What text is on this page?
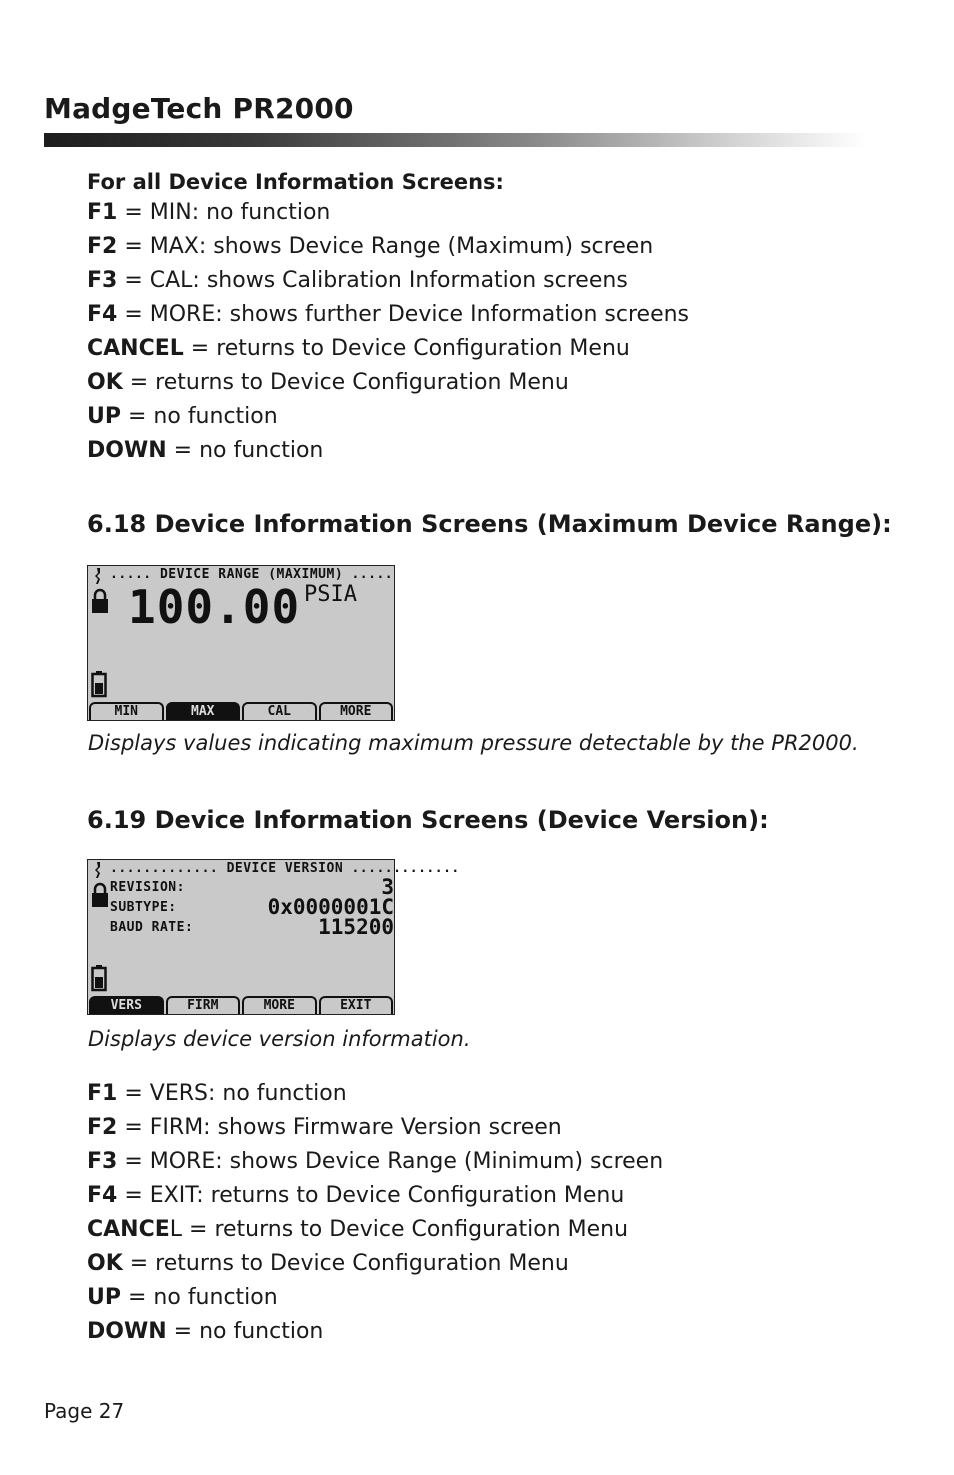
MadgeTech PR2000
For all Device Information Screens:
F1 = MIN: no function
F2 = MAX: shows Device Range (Maximum) screen
F3 = CAL: shows Calibration Information screens
F4 = MORE: shows further Device Information screens
CANCEL = returns to Device Configuration Menu
OK = returns to Device Configuration Menu
UP = no function
DOWN = no function
6.18 Device Information Screens (Maximum Device Range):
..... DEVICE RANGE (MAXIMUM) .....
100.00 PSIA
MIN	MAX	CAL	MORE
Displays values indicating maximum pressure detectable by the PR2000.
6.19 Device Information Screens (Device Version):
............. DEVICE VERSION .............
REVISION:	3
SUBTYPE:	0x0000001C
BAUD RATE:	115200
VERS	FIRM	MORE	EXIT
Displays device version information.
F1 = VERS: no function
F2 = FIRM: shows Firmware Version screen
F3 = MORE: shows Device Range (Minimum) screen
F4 = EXIT: returns to Device Configuration Menu
CANCEL = returns to Device Configuration Menu
OK = returns to Device Configuration Menu
UP = no function
DOWN = no function
Page 27
